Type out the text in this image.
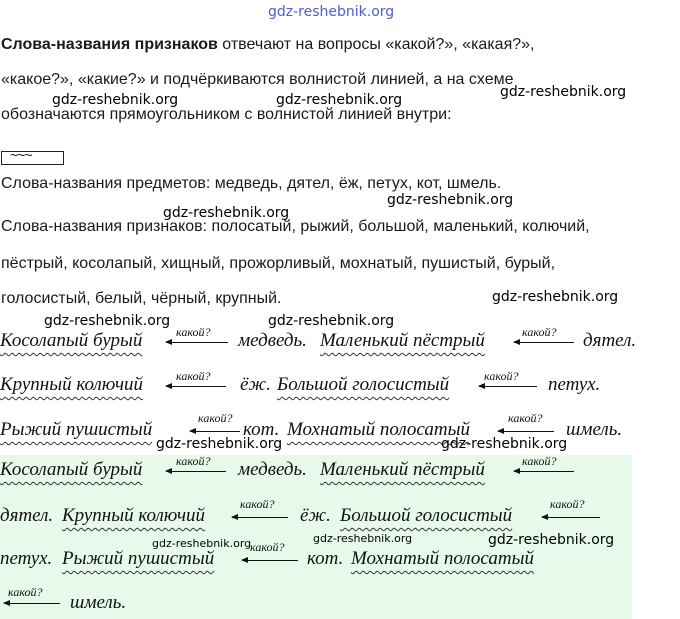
gdz-reshebnik.org
Слова-названия признаков отвечают на вопросы «какой?», «какая?»,
«какое?», «какие?» и подчёркиваются волнистой линией, а на схеме
обозначаются прямоугольником с волнистой линией внутри:
gdz-reshebnik.org	gdz-reshebnik.org	gdz-reshebnik.org
~~~
Слова-названия предметов: медведь, дятел, ёж, петух, кот, шмель.
gdz-reshebnik.org
gdz-reshebnik.org
Слова-названия признаков: полосатый, рыжий, большой, маленький, колючий,
пёстрый, косолапый, хищный, прожорливый, мохнатый, пушистый, бурый,
голосистый, белый, чёрный, крупный.	gdz-reshebnik.org
gdz-reshebnik.org	gdz-reshebnik.org
Косолапый бурый	какой? медведь. Маленький пёстрый	какой? дятел.
Крупный колючий	какой? ёж. Большой голосистый	какой? петух.
Рыжий пушистый
какой?
кот. Мохнатый полосатый
какой?
шмель.
gdz-reshebnik.org	gdz-reshebnik.org
Косолапый бурый	какой? медведь. Маленький пёстрый	какой?
дятел. Крупный колючий
какой?
ёж. Большой голосистый
какой?
gdz-reshebnik.org	gdz-reshebnik.org	gdz-reshebnik.org
петух. Рыжий пушистый
какой?
кот. Мохнатый полосатый
какой? шмель.
